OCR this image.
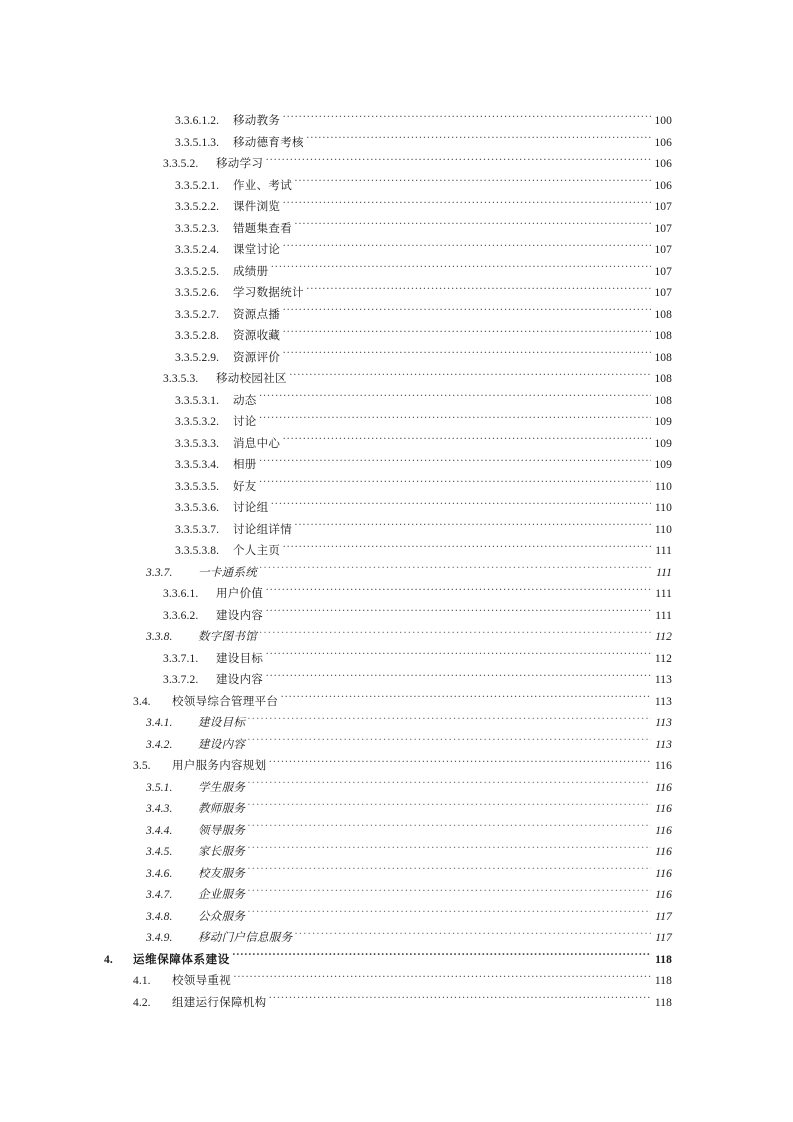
3.3.6.1.2.	移动教务 .....	100
3.3.5.1.3.	移动德育考核 .....	106
3.3.5.2.	移动学习 .....	106
3.3.5.2.1.	作业、考试 .....	106
3.3.5.2.2.	课件浏览 .....	107
3.3.5.2.3.	错题集查看 .....	107
3.3.5.2.4.	课堂讨论 .....	107
3.3.5.2.5.	成绩册 .....	107
3.3.5.2.6.	学习数据统计 .....	107
3.3.5.2.7.	资源点播 .....	108
3.3.5.2.8.	资源收藏 .....	108
3.3.5.2.9.	资源评价 .....	108
3.3.5.3.	移动校园社区 .....	108
3.3.5.3.1.	动态 .....	108
3.3.5.3.2.	讨论 .....	109
3.3.5.3.3.	消息中心 .....	109
3.3.5.3.4.	相册 .....	109
3.3.5.3.5.	好友 .....	110
3.3.5.3.6.	讨论组 .....	110
3.3.5.3.7.	讨论组详情 .....	110
3.3.5.3.8.	个人主页 .....	111
3.3.7.	一卡通系统 .....	111
3.3.6.1.	用户价值 .....	111
3.3.6.2.	建设内容 .....	111
3.3.8.	数字图书馆 .....	112
3.3.7.1.	建设目标 .....	112
3.3.7.2.	建设内容 .....	113
3.4.	校领导综合管理平台 .....	113
3.4.1.	建设目标 .....	113
3.4.2.	建设内容 .....	113
3.5.	用户服务内容规划 .....	116
3.5.1.	学生服务 .....	116
3.4.3.	教师服务 .....	116
3.4.4.	领导服务 .....	116
3.4.5.	家长服务 .....	116
3.4.6.	校友服务 .....	116
3.4.7.	企业服务 .....	116
3.4.8.	公众服务 .....	117
3.4.9.	移动门户信息服务 .....	117
4.	运维保障体系建设 .....	118
4.1.	校领导重视 .....	118
4.2.	组建运行保障机构 .....	118
